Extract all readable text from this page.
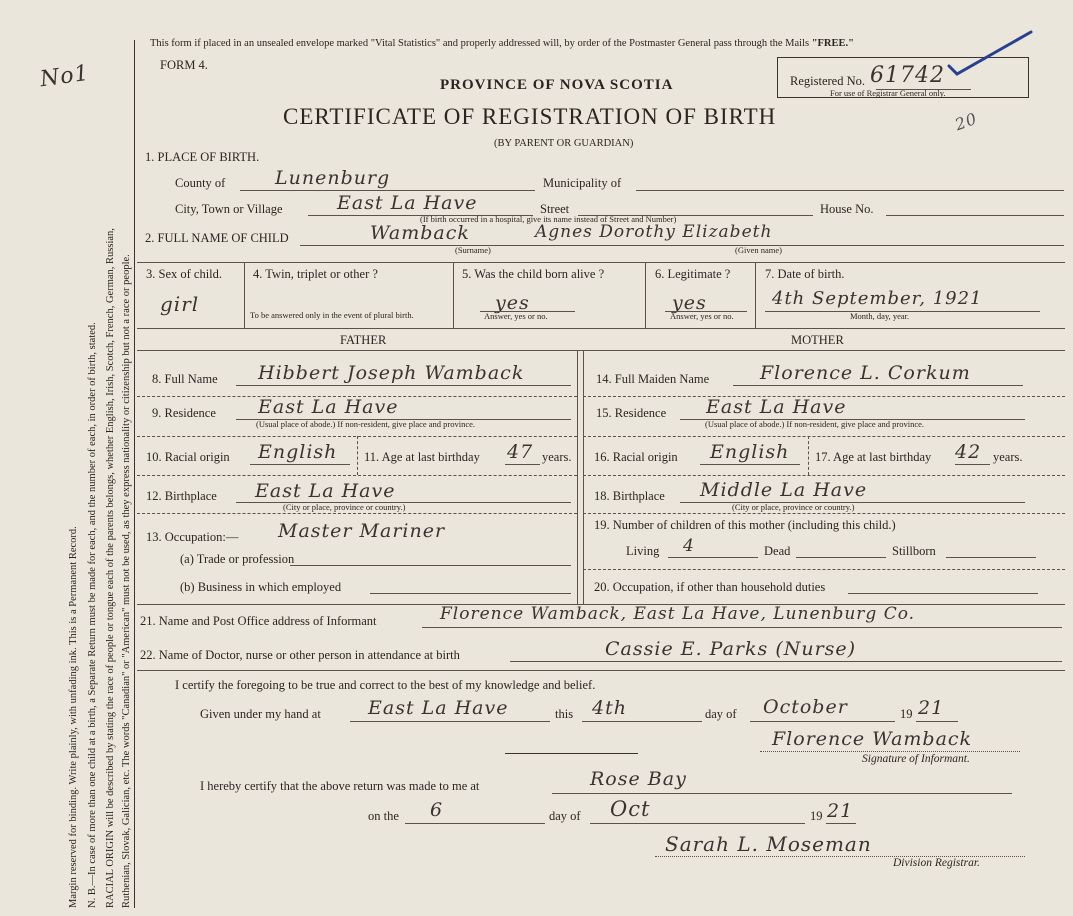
Margin reserved for binding. Write plainly, with unfading ink. This is a Permanent Record. N. B.—In case of more than one child at a birth, a Separate Return must be made for each, and the number of each, in order of birth, stated. RACIAL ORIGIN will be described by stating the race of people or tongue each of the parents belongs, whether English, Irish, Scotch, French, German, Russian, Ruthenian, Slovak, Galician, etc. The words "Canadian" or "American" must not be used, as they express nationality or citizenship but not a race or people.
No1
This form if placed in an unsealed envelope marked "Vital Statistics" and properly addressed will, by order of the Postmaster General pass through the Mails "FREE."
FORM 4.
Registered No. 61742
For use of Registrar General only.
20
PROVINCE OF NOVA SCOTIA
CERTIFICATE OF REGISTRATION OF BIRTH
(BY PARENT OR GUARDIAN)
1. PLACE OF BIRTH.
County of	Lunenburg	Municipality of
City, Town or Village	East La Have	Street	House No.
(If birth occurred in a hospital, give its name instead of Street and Number)
2. FULL NAME OF CHILD	Wamback	Agnes Dorothy Elizabeth
(Surname)	(Given name)
3. Sex of child.
girl
4. Twin, triplet or other ?
To be answered only in the event of plural birth.
5. Was the child born alive ?
yes
Answer, yes or no.
6. Legitimate ?
yes
Answer, yes or no.
7. Date of birth.
4th September, 1921
Month, day, year.
FATHER	MOTHER
8. Full Name Hibbert Joseph Wamback
9. Residence East La Have
(Usual place of abode.) If non-resident, give place and province.
10. Racial origin English 11. Age at last birthday 47 years.
12. Birthplace East La Have
(City or place, province or country.)
13. Occupation:— Master Mariner
(a) Trade or profession
(b) Business in which employed
14. Full Maiden Name	Florence L. Corkum
15. Residence East La Have
(Usual place of abode.) If non-resident, give place and province.
16. Racial origin English 17. Age at last birthday 42 years.
18. Birthplace Middle La Have
(City or place, province or country.)
19. Number of children of this mother (including this child.)
Living 4	Dead	Stillborn
20. Occupation, if other than household duties
21. Name and Post Office address of Informant	Florence Wamback, East La Have, Lunenburg Co.
22. Name of Doctor, nurse or other person in attendance at birth	Cassie E. Parks (Nurse)
I certify the foregoing to be true and correct to the best of my knowledge and belief.
Given under my hand at East La Have	this 4th	day of October	19 21
Florence Wamback
Signature of Informant.
I hereby certify that the above return was made to me at	Rose Bay
on the 6	day of Oct	19 21
Sarah L. Moseman
Division Registrar.
